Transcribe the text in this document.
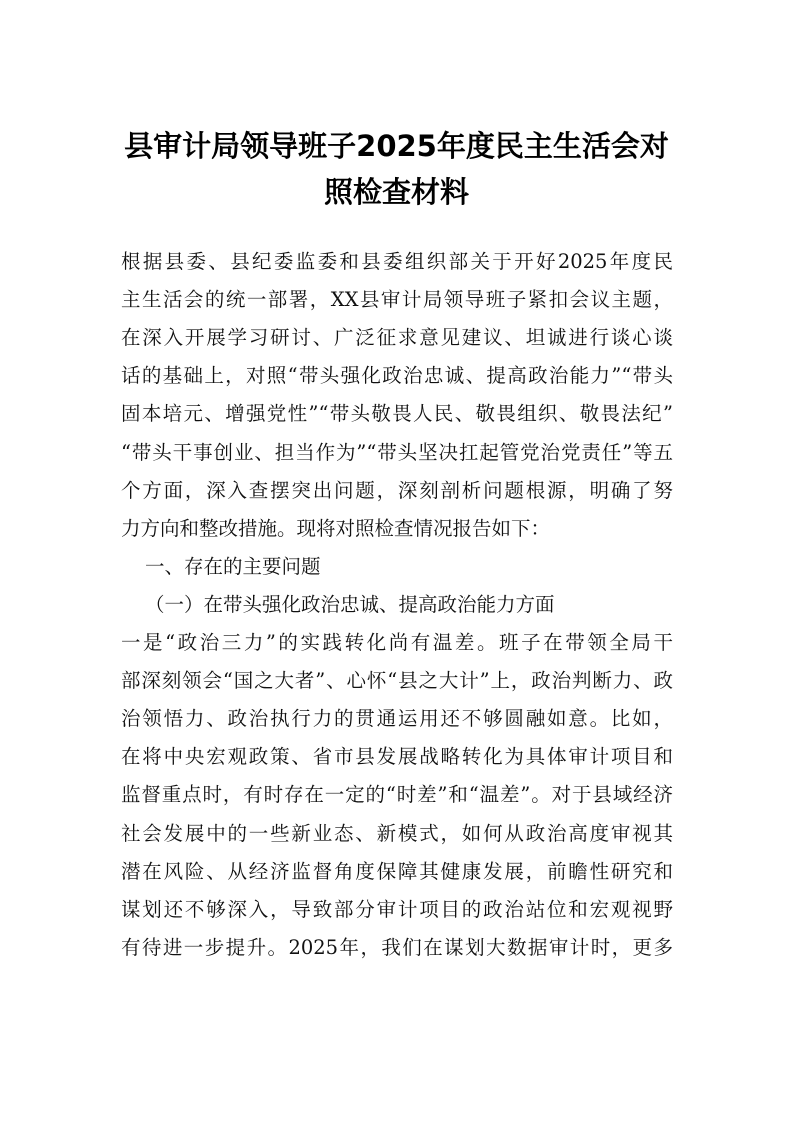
县审计局领导班子2025年度民主生活会对
照检查材料
根据县委、县纪委监委和县委组织部关于开好2025年度民
主生活会的统一部署，XX县审计局领导班子紧扣会议主题，
在深入开展学习研讨、广泛征求意见建议、坦诚进行谈心谈
话的基础上，对照“带头强化政治忠诚、提高政治能力”“带头
固本培元、增强党性”“带头敬畏人民、敬畏组织、敬畏法纪”
“带头干事创业、担当作为”“带头坚决扛起管党治党责任”等五
个方面，深入查摆突出问题，深刻剖析问题根源，明确了努
力方向和整改措施。现将对照检查情况报告如下：
一、存在的主要问题
（一）在带头强化政治忠诚、提高政治能力方面
一是“政治三力”的实践转化尚有温差。班子在带领全局干
部深刻领会“国之大者”、心怀“县之大计”上，政治判断力、政
治领悟力、政治执行力的贯通运用还不够圆融如意。比如，
在将中央宏观政策、省市县发展战略转化为具体审计项目和
监督重点时，有时存在一定的“时差”和“温差”。对于县域经济
社会发展中的一些新业态、新模式，如何从政治高度审视其
潜在风险、从经济监督角度保障其健康发展，前瞻性研究和
谋划还不够深入，导致部分审计项目的政治站位和宏观视野
有待进一步提升。2025年，我们在谋划大数据审计时，更多
